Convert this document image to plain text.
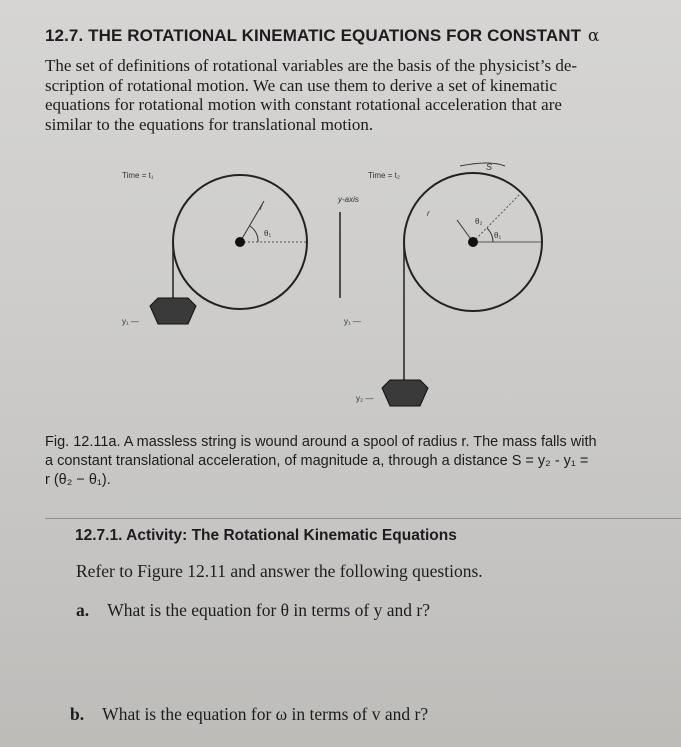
12.7. THE ROTATIONAL KINEMATIC EQUATIONS FOR CONSTANT α
The set of definitions of rotational variables are the basis of the physicist’s de-
scription of rotational motion. We can use them to derive a set of kinematic
equations for rotational motion with constant rotational acceleration that are
similar to the equations for translational motion.
Time = t₁
r
θ₁
y₁ —
y-axis
Time = t₂
S
r
θ₂
θ₁
y₁ —
y₂ —
Fig. 12.11a. A massless string is wound around a spool of radius r. The mass falls with
a constant translational acceleration, of magnitude a, through a distance S = y₂ - y₁ =
r (θ₂ − θ₁).
12.7.1. Activity: The Rotational Kinematic Equations
Refer to Figure 12.11 and answer the following questions.
a. What is the equation for θ in terms of y and r?
b. What is the equation for ω in terms of v and r?
